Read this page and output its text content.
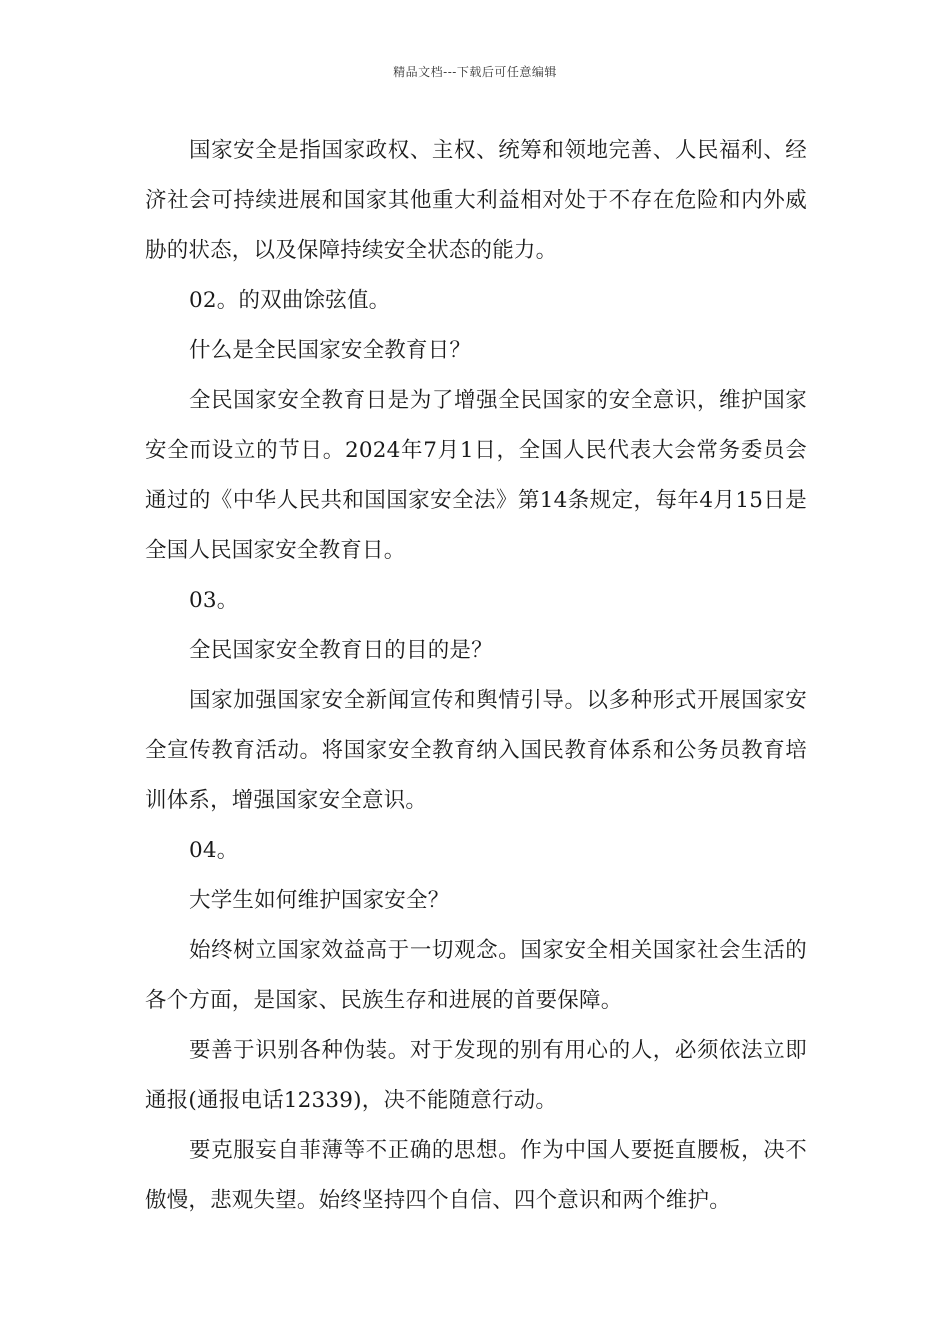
精品文档---下载后可任意编辑

国家安全是指国家政权、主权、统筹和领地完善、人民福利、经济社会可持续进展和国家其他重大利益相对处于不存在危险和内外威胁的状态，以及保障持续安全状态的能力。

02。的双曲馀弦值。

什么是全民国家安全教育日？

全民国家安全教育日是为了增强全民国家的安全意识，维护国家安全而设立的节日。2024年7月1日，全国人民代表大会常务委员会通过的《中华人民共和国国家安全法》第14条规定，每年4月15日是全国人民国家安全教育日。

03。

全民国家安全教育日的目的是？

国家加强国家安全新闻宣传和舆情引导。以多种形式开展国家安全宣传教育活动。将国家安全教育纳入国民教育体系和公务员教育培训体系，增强国家安全意识。

04。

大学生如何维护国家安全？

始终树立国家效益高于一切观念。国家安全相关国家社会生活的各个方面，是国家、民族生存和进展的首要保障。

要善于识别各种伪装。对于发现的别有用心的人，必须依法立即通报(通报电话12339)，决不能随意行动。

要克服妄自菲薄等不正确的思想。作为中国人要挺直腰板，决不傲慢，悲观失望。始终坚持四个自信、四个意识和两个维护。
